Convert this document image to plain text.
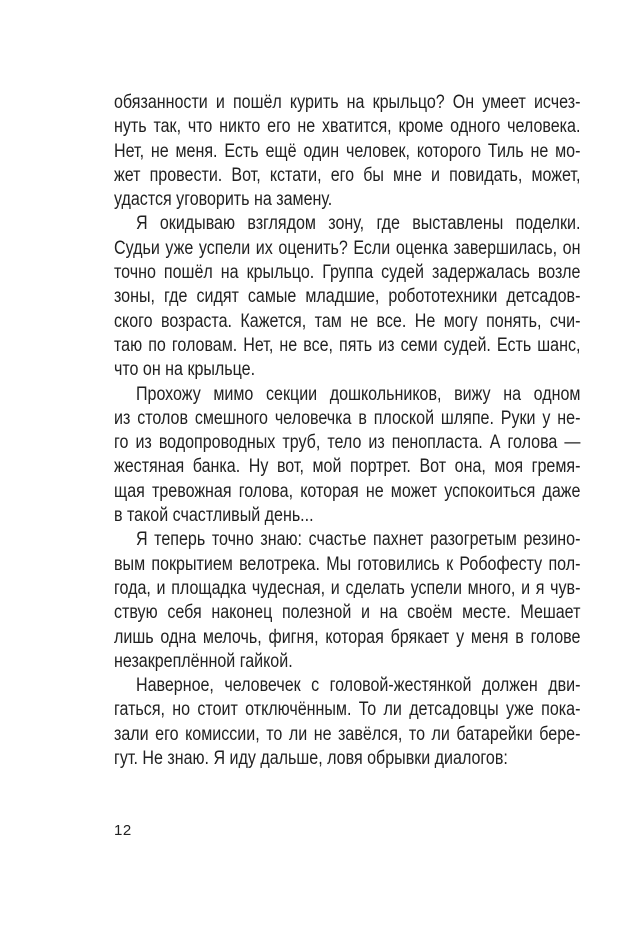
обязанности и пошёл курить на крыльцо? Он умеет исчез-
нуть так, что никто его не хватится, кроме одного человека.
Нет, не меня. Есть ещё один человек, которого Тиль не мо-
жет провести. Вот, кстати, его бы мне и повидать, может,
удастся уговорить на замену.
Я окидываю взглядом зону, где выставлены поделки.
Судьи уже успели их оценить? Если оценка завершилась, он
точно пошёл на крыльцо. Группа судей задержалась возле
зоны, где сидят самые младшие, робототехники детсадов-
ского возраста. Кажется, там не все. Не могу понять, счи-
таю по головам. Нет, не все, пять из семи судей. Есть шанс,
что он на крыльце.
Прохожу мимо секции дошкольников, вижу на одном
из столов смешного человечка в плоской шляпе. Руки у не-
го из водопроводных труб, тело из пенопласта. А голова —
жестяная банка. Ну вот, мой портрет. Вот она, моя гремя-
щая тревожная голова, которая не может успокоиться даже
в такой счастливый день...
Я теперь точно знаю: счастье пахнет разогретым резино-
вым покрытием велотрека. Мы готовились к Робофесту пол-
года, и площадка чудесная, и сделать успели много, и я чув-
ствую себя наконец полезной и на своём месте. Мешает
лишь одна мелочь, фигня, которая брякает у меня в голове
незакреплённой гайкой.
Наверное, человечек с головой-жестянкой должен дви-
гаться, но стоит отключённым. То ли детсадовцы уже пока-
зали его комиссии, то ли не завёлся, то ли батарейки бере-
гут. Не знаю. Я иду дальше, ловя обрывки диалогов:
12
